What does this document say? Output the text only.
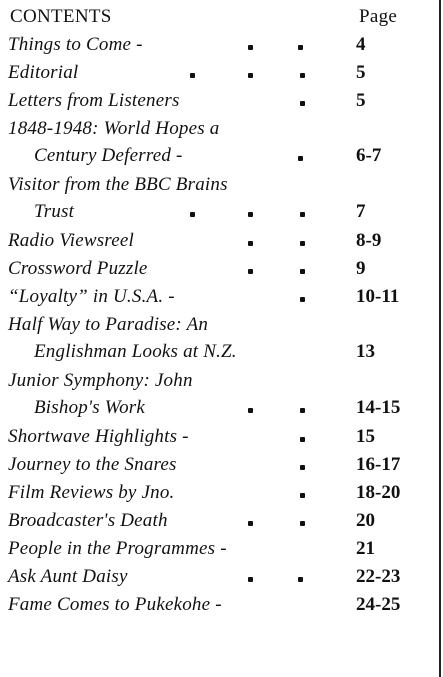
CONTENTS	Page
Things to Come -	4
Editorial	5
Letters from Listeners	5
1848-1948: World Hopes a
Century Deferred -	6-7
Visitor from the BBC Brains
Trust	7
Radio Viewsreel	8-9
Crossword Puzzle	9
“Loyalty” in U.S.A. -	10-11
Half Way to Paradise: An
Englishman Looks at N.Z.	13
Junior Symphony: John
Bishop's Work	14-15
Shortwave Highlights -	15
Journey to the Snares	16-17
Film Reviews by Jno.	18-20
Broadcaster's Death	20
People in the Programmes -	21
Ask Aunt Daisy	22-23
Fame Comes to Pukekohe -	24-25
